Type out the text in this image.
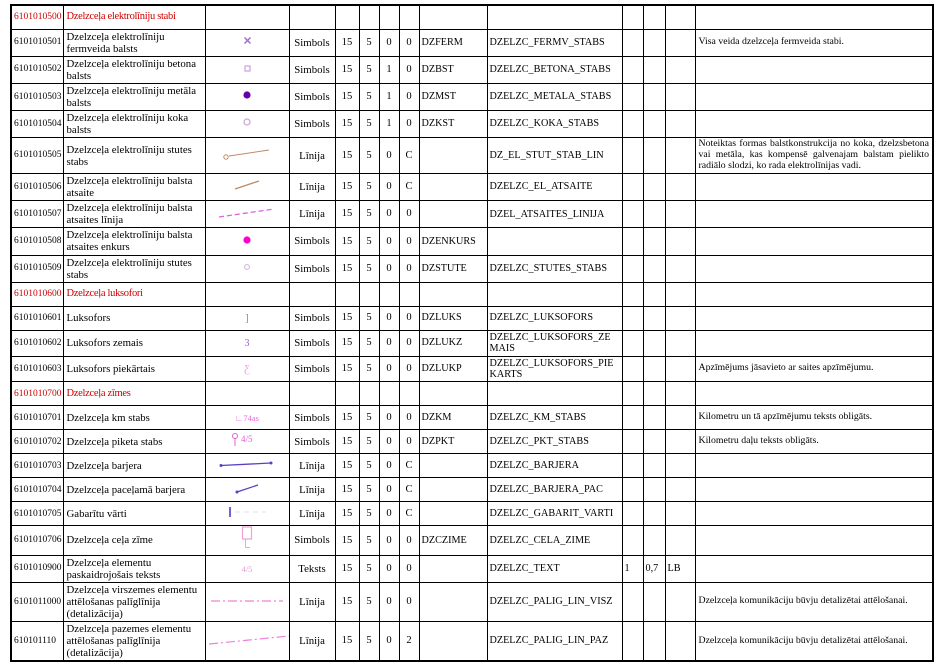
6101010500	Dzelzceļa elektrolīniju stabi												
6101010501	Dzelzceļa elektrolīniju fermveida balsts		Simbols	15	5	0	0	DZFERM	DZELZC_FERMV_STABS				Visa veida dzelzceļa fermveida stabi.
6101010502	Dzelzceļa elektrolīniju betona balsts		Simbols	15	5	1	0	DZBST	DZELZC_BETONA_STABS				
6101010503	Dzelzceļa elektrolīniju metāla balsts		Simbols	15	5	1	0	DZMST	DZELZC_METALA_STABS				
6101010504	Dzelzceļa elektrolīniju koka balsts		Simbols	15	5	1	0	DZKST	DZELZC_KOKA_STABS				
6101010505	Dzelzceļa elektrolīniju stutes stabs		Līnija	15	5	0	C		DZ_EL_STUT_STAB_LIN				Noteiktas formas balstkonstrukcija no koka, dzelzsbetona vai metāla, kas kompensē galvenajam balstam pielikto radiālo slodzi, ko rada elektrolīnijas vadi.
6101010506	Dzelzceļa elektrolīniju balsta atsaite		Līnija	15	5	0	C		DZELZC_EL_ATSAITE				
6101010507	Dzelzceļa elektrolīniju balsta atsaites līnija		Līnija	15	5	0	0		DZEL_ATSAITES_LINIJA				
6101010508	Dzelzceļa elektrolīniju balsta atsaites enkurs		Simbols	15	5	0	0	DZENKURS					
6101010509	Dzelzceļa elektrolīniju stutes stabs		Simbols	15	5	0	0	DZSTUTE	DZELZC_STUTES_STABS				
6101010600	Dzelzceļa luksofori												
6101010601	Luksofors	]	Simbols	15	5	0	0	DZLUKS	DZELZC_LUKSOFORS				
6101010602	Luksofors zemais	3	Simbols	15	5	0	0	DZLUKZ	DZELZC_LUKSOFORS_ZEMAIS				
6101010603	Luksofors piekārtais	Ƹ	Simbols	15	5	0	0	DZLUKP	DZELZC_LUKSOFORS_PIEKARTS				Apzīmējums jāsavieto ar saites apzīmējumu.
6101010700	Dzelzceļa zīmes												
6101010701	Dzelzceļa km stabs	∟74as	Simbols	15	5	0	0	DZKM	DZELZC_KM_STABS				Kilometru un tā apzīmējumu teksts obligāts.
6101010702	Dzelzceļa piketa stabs	4/5	Simbols	15	5	0	0	DZPKT	DZELZC_PKT_STABS				Kilometru daļu teksts obligāts.
6101010703	Dzelzceļa barjera		Līnija	15	5	0	C		DZELZC_BARJERA				
6101010704	Dzelzceļa paceļamā barjera		Līnija	15	5	0	C		DZELZC_BARJERA_PAC				
6101010705	Gabarītu vārti		Līnija	15	5	0	C		DZELZC_GABARIT_VARTI				
6101010706	Dzelzceļa ceļa zīme		Simbols	15	5	0	0	DZCZIME	DZELZC_CELA_ZIME				
6101010900	Dzelzceļa elementu paskaidrojošais teksts	4/5	Teksts	15	5	0	0		DZELZC_TEXT	1	0,7	LB	
6101011000	Dzelzceļa virszemes elementu attēlošanas palīglīnija (detalizācija)		Līnija	15	5	0	0		DZELZC_PALIG_LIN_VISZ				Dzelzceļa komunikāciju būvju detalizētai attēlošanai.
610101110	Dzelzceļa pazemes elementu attēlošanas palīglīnija (detalizācija)		Līnija	15	5	0	2		DZELZC_PALIG_LIN_PAZ				Dzelzceļa komunikāciju būvju detalizētai attēlošanai.
